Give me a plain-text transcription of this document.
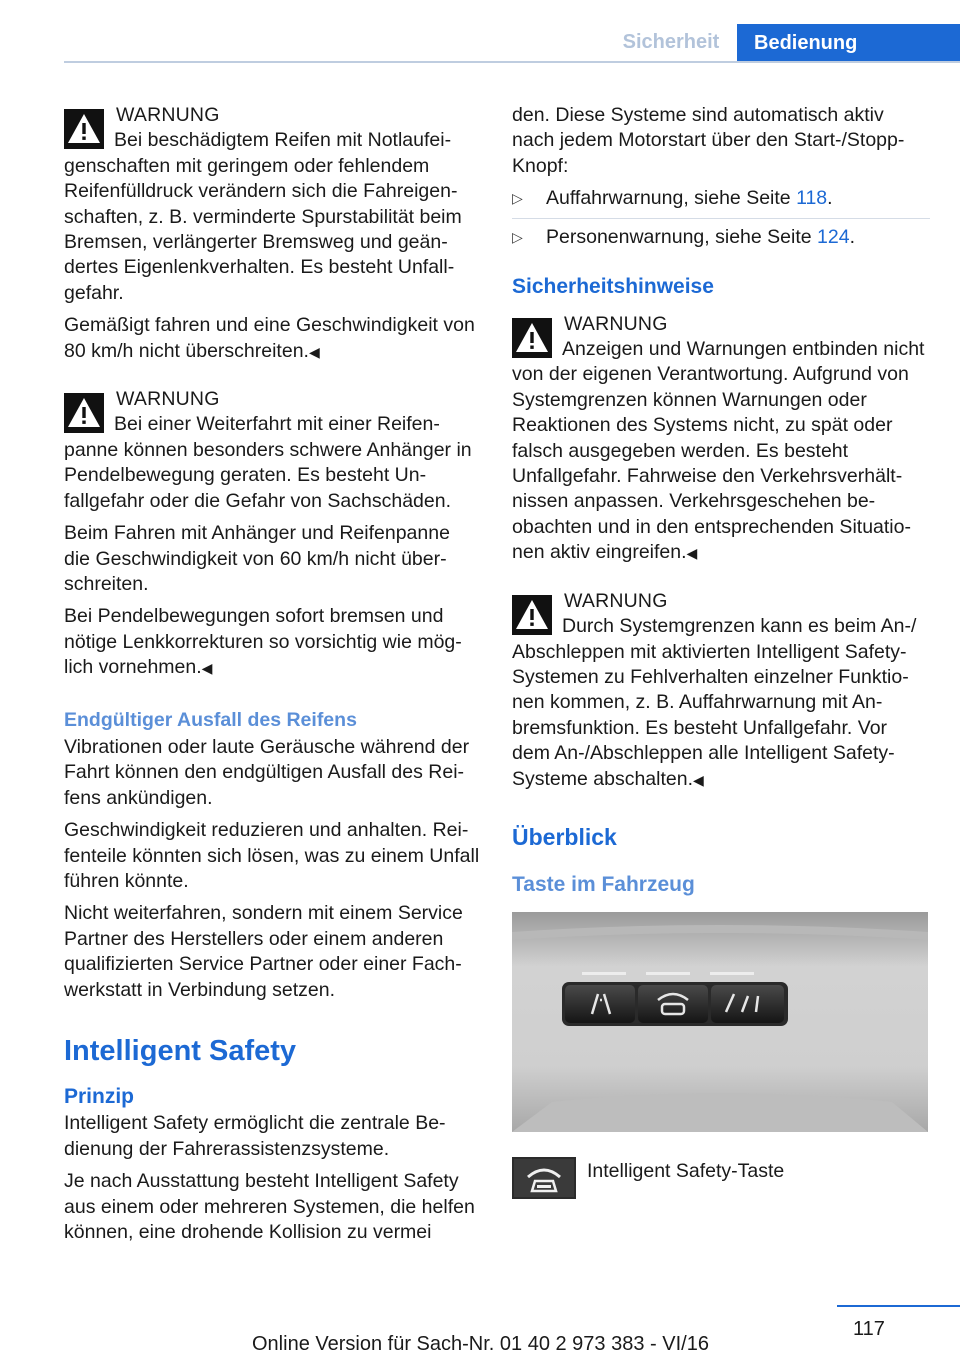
Sicherheit	Bedienung
WARNUNG
Bei beschädigtem Reifen mit Notlaufeigenschaften mit geringem oder fehlendem Reifenfülldruck verändern sich die Fahreigenschaften, z. B. verminderte Spurstabilität beim Bremsen, verlängerter Bremsweg und geändertes Eigenlenkverhalten. Es besteht Unfallgefahr.

Gemäßigt fahren und eine Geschwindigkeit von 80 km/h nicht überschreiten.◀

WARNUNG
Bei einer Weiterfahrt mit einer Reifenpanne können besonders schwere Anhänger in Pendelbewegung geraten. Es besteht Unfallgefahr oder die Gefahr von Sachschäden.

Beim Fahren mit Anhänger und Reifenpanne die Geschwindigkeit von 60 km/h nicht überschreiten.

Bei Pendelbewegungen sofort bremsen und nötige Lenkkorrekturen so vorsichtig wie möglich vornehmen.◀

Endgültiger Ausfall des Reifens

Vibrationen oder laute Geräusche während der Fahrt können den endgültigen Ausfall des Reifens ankündigen.

Geschwindigkeit reduzieren und anhalten. Reifenteile könnten sich lösen, was zu einem Unfall führen könnte.

Nicht weiterfahren, sondern mit einem Service Partner des Herstellers oder einem anderen qualifizierten Service Partner oder einer Fachwerkstatt in Verbindung setzen.

Intelligent Safety
Prinzip

Intelligent Safety ermöglicht die zentrale Bedienung der Fahrerassistenzsysteme.

Je nach Ausstattung besteht Intelligent Safety aus einem oder mehreren Systemen, die helfen können, eine drohende Kollision zu vermei

den. Diese Systeme sind automatisch aktiv nach jedem Motorstart über den Start-/Stopp-Knopf:

▷ Auffahrwarnung, siehe Seite 118.
▷ Personenwarnung, siehe Seite 124.
Sicherheitshinweise
WARNUNG
Anzeigen und Warnungen entbinden nicht von der eigenen Verantwortung. Aufgrund von Systemgrenzen können Warnungen oder Reaktionen des Systems nicht, zu spät oder falsch ausgegeben werden. Es besteht Unfallgefahr. Fahrweise den Verkehrsverhältnissen anpassen. Verkehrsgeschehen beobachten und in den entsprechenden Situationen aktiv eingreifen.◀
WARNUNG
Durch Systemgrenzen kann es beim An-/ Abschleppen mit aktivierten Intelligent Safety-Systemen zu Fehlverhalten einzelner Funktionen kommen, z. B. Auffahrwarnung mit Anbremsfunktion. Es besteht Unfallgefahr. Vor dem An-/Abschleppen alle Intelligent Safety-Systeme abschalten.◀
Überblick
Taste im Fahrzeug
Intelligent Safety-Taste
117
Online Version für Sach-Nr. 01 40 2 973 383 - VI/16
